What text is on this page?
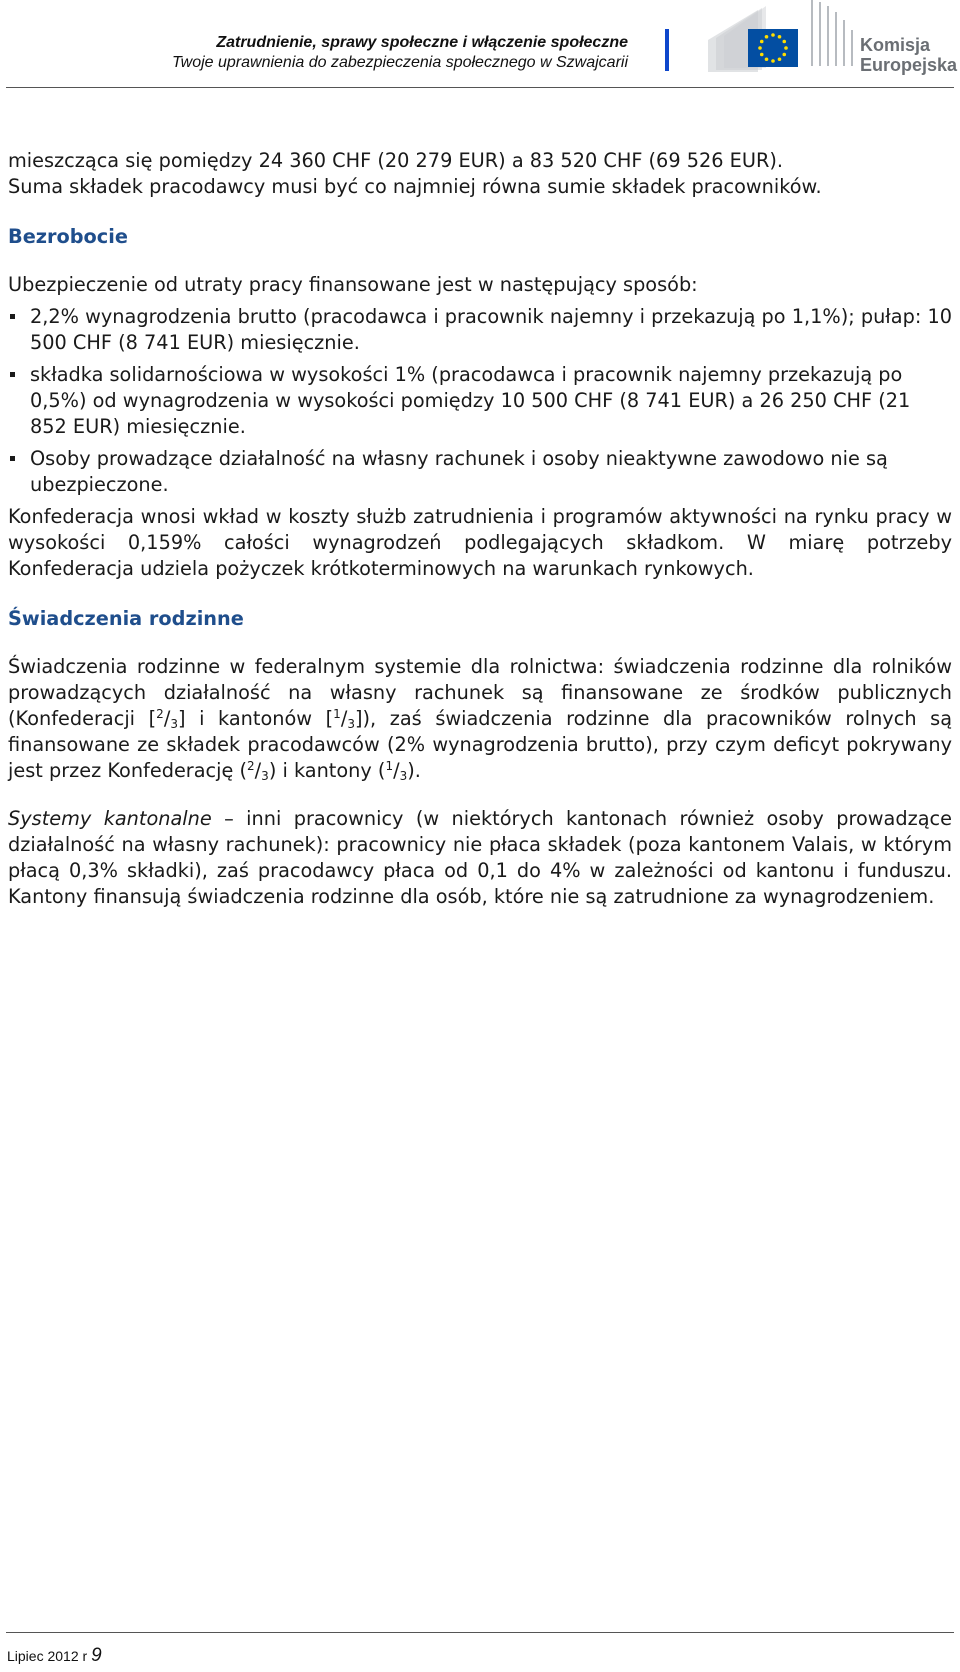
Zatrudnienie, sprawy społeczne i włączenie społeczne
Twoje uprawnienia do zabezpieczenia społecznego w Szwajcarii
Komisja
Europejska

mieszcząca się pomiędzy 24 360 CHF (20 279 EUR) a 83 520 CHF (69 526 EUR).

Suma składek pracodawcy musi być co najmniej równa sumie składek pracowników.

Bezrobocie

Ubezpieczenie od utraty pracy finansowane jest w następujący sposób:

2,2% wynagrodzenia brutto (pracodawca i pracownik najemny i przekazują po 1,1%); pułap: 10 500 CHF (8 741 EUR) miesięcznie.
składka solidarnościowa w wysokości 1% (pracodawca i pracownik najemny przekazują po 0,5%) od wynagrodzenia w wysokości pomiędzy 10 500 CHF (8 741 EUR) a 26 250 CHF (21 852 EUR) miesięcznie.
Osoby prowadzące działalność na własny rachunek i osoby nieaktywne zawodowo nie są ubezpieczone.

Konfederacja wnosi wkład w koszty służb zatrudnienia i programów aktywności na rynku pracy w wysokości 0,159% całości wynagrodzeń podlegających składkom. W miarę potrzeby Konfederacja udziela pożyczek krótkoterminowych na warunkach rynkowych.

Świadczenia rodzinne

Świadczenia rodzinne w federalnym systemie dla rolnictwa: świadczenia rodzinne dla rolników prowadzących działalność na własny rachunek są finansowane ze środków publicznych (Konfederacji $[^2/_3]$ i kantonów $[^1/_3]$), zaś świadczenia rodzinne dla pracowników rolnych są finansowane ze składek pracodawców (2% wynagrodzenia brutto), przy czym deficyt pokrywany jest przez Konfederację $(^2/_3)$ i kantony $(^1/_3)$.

Systemy kantonalne – inni pracownicy (w niektórych kantonach również osoby prowadzące działalność na własny rachunek): pracownicy nie płaca składek (poza kantonem Valais, w którym płacą 0,3% składki), zaś pracodawcy płaca od 0,1 do 4% w zależności od kantonu i funduszu. Kantony finansują świadczenia rodzinne dla osób, które nie są zatrudnione za wynagrodzeniem.

Lipiec 2012 r 9
